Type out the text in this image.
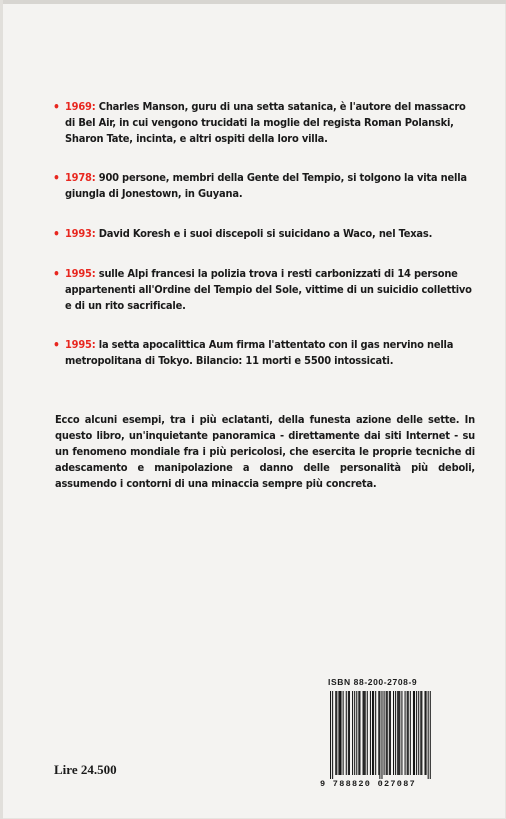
• 1969: Charles Manson, guru di una setta satanica, è l'autore del massacro di Bel Air, in cui vengono trucidati la moglie del regista Roman Polanski, Sharon Tate, incinta, e altri ospiti della loro villa.
• 1978: 900 persone, membri della Gente del Tempio, si tolgono la vita nella giungla di Jonestown, in Guyana.
• 1993: David Koresh e i suoi discepoli si suicidano a Waco, nel Texas.
• 1995: sulle Alpi francesi la polizia trova i resti carbonizzati di 14 persone appartenenti all'Ordine del Tempio del Sole, vittime di un suicidio collettivo e di un rito sacrificale.
• 1995: la setta apocalittica Aum firma l'attentato con il gas nervino nella metropolitana di Tokyo. Bilancio: 11 morti e 5500 intossicati.
Ecco alcuni esempi, tra i più eclatanti, della funesta azione delle sette. In questo libro, un'inquietante panoramica - direttamente dai siti Internet - su un fenomeno mondiale fra i più pericolosi, che esercita le proprie tecniche di adescamento e manipolazione a danno delle personalità più deboli, assumendo i contorni di una minaccia sempre più concreta.
Lire 24.500
ISBN 88-200-2708-9
9 788820 027087
